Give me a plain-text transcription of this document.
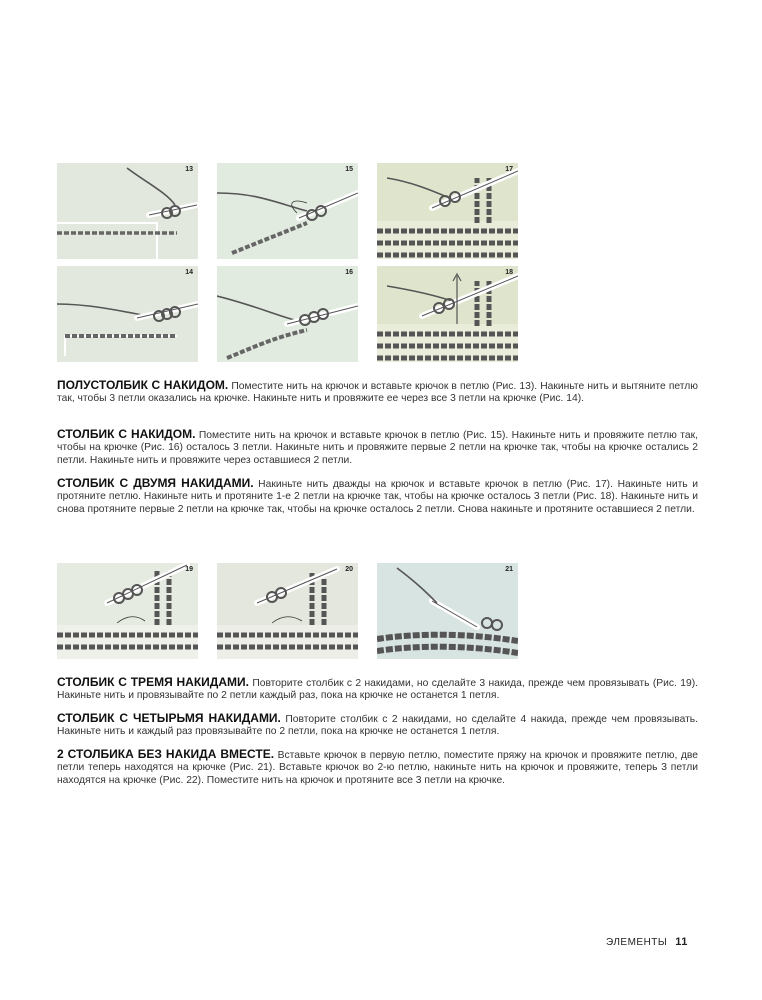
13	15	17
14	16	18
ПОЛУСТОЛБИК С НАКИДОМ. Поместите нить на крючок и вставьте крючок в петлю (Рис. 13). Накиньте нить и вытяните петлю так, чтобы 3 петли оказались на крючке. Накиньте нить и провяжите ее через все 3 петли на крючке (Рис. 14).
СТОЛБИК С НАКИДОМ. Поместите нить на крючок и вставьте крючок в петлю (Рис. 15). Накиньте нить и провяжите петлю так, чтобы на крючке (Рис. 16) осталось 3 петли. Накиньте нить и провяжите первые 2 петли на крючке так, чтобы на крючке остались 2 петли. Накиньте нить и провяжите через оставшиеся 2 петли.
СТОЛБИК С ДВУМЯ НАКИДАМИ. Накиньте нить дважды на крючок и вставьте крючок в петлю (Рис. 17). Накиньте нить и протяните петлю. Накиньте нить и протяните 1-е 2 петли на крючке так, чтобы на крючке осталось 3 петли (Рис. 18). Накиньте нить и снова протяните первые 2 петли на крючке так, чтобы на крючке осталось 2 петли. Снова накиньте и протяните оставшиеся 2 петли.
19	20	21
СТОЛБИК С ТРЕМЯ НАКИДАМИ. Повторите столбик с 2 накидами, но сделайте 3 накида, прежде чем провязывать (Рис. 19). Накиньте нить и провязывайте по 2 петли каждый раз, пока на крючке не останется 1 петля.
СТОЛБИК С ЧЕТЫРЬМЯ НАКИДАМИ. Повторите столбик с 2 накидами, но сделайте 4 накида, прежде чем провязывать. Накиньте нить и каждый раз провязывайте по 2 петли, пока на крючке не останется 1 петля.
2 СТОЛБИКА БЕЗ НАКИДА ВМЕСТЕ. Вставьте крючок в первую петлю, поместите пряжу на крючок и провяжите петлю, две петли теперь находятся на крючке (Рис. 21). Вставьте крючок во 2-ю петлю, накиньте нить на крючок и провяжите, теперь 3 петли находятся на крючке (Рис. 22). Поместите нить на крючок и протяните все 3 петли на крючке.
ЭЛЕМЕНТЫ 11
